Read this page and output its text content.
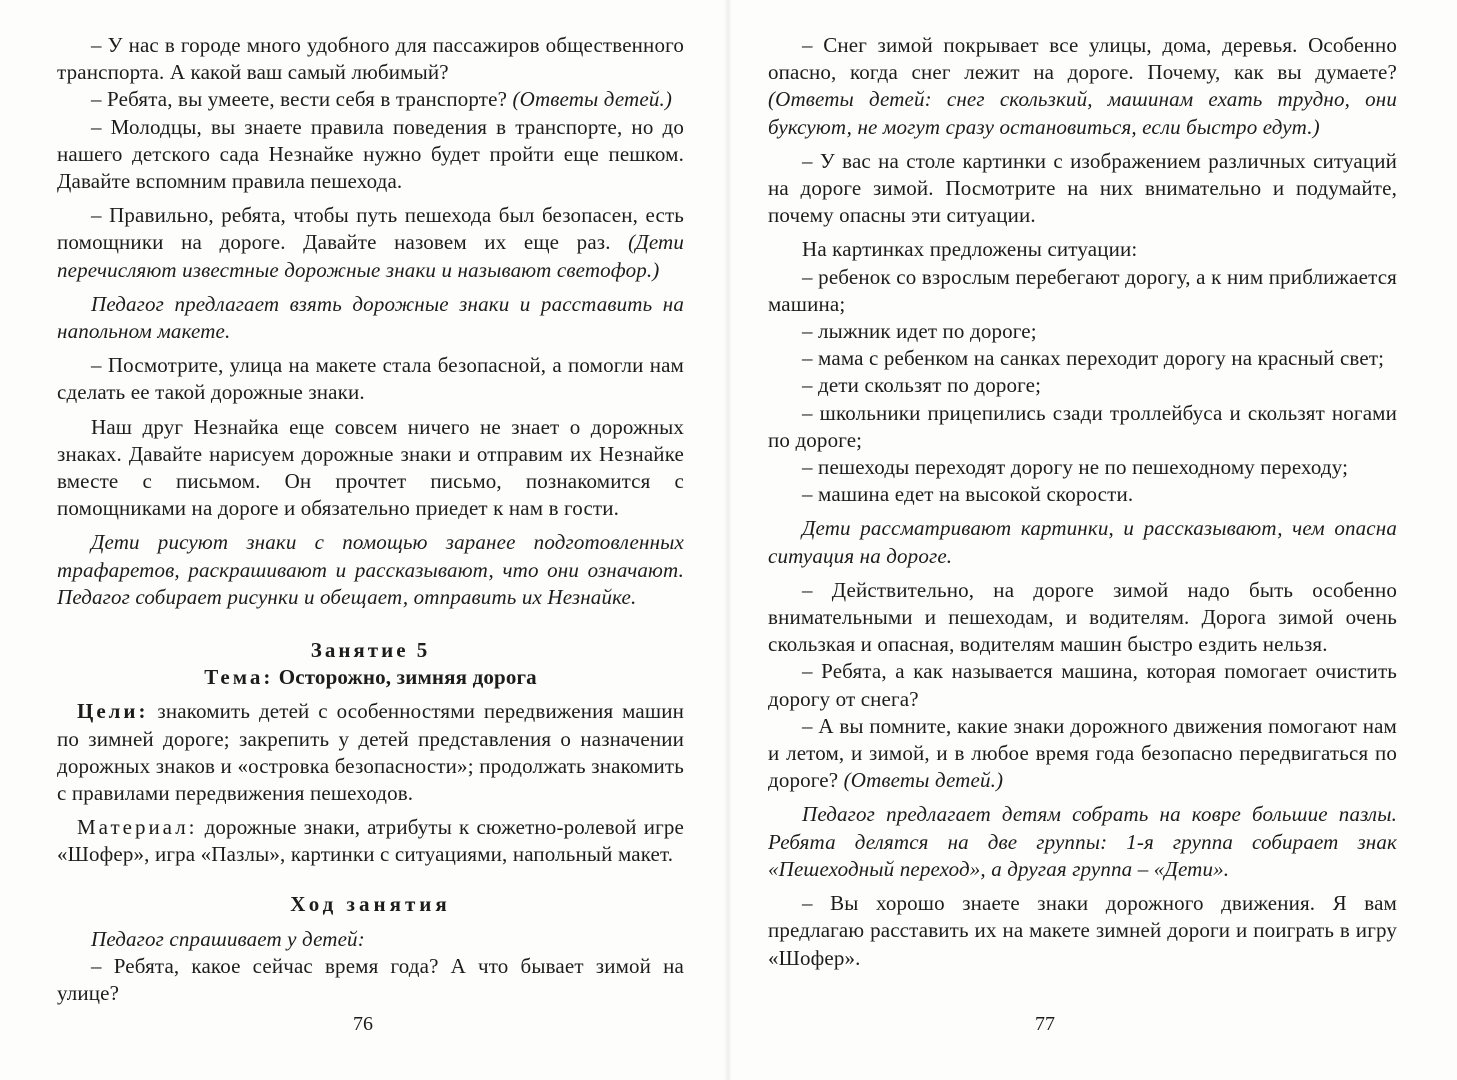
– У нас в городе много удобного для пассажиров общественного транспорта. А какой ваш самый любимый?

– Ребята, вы умеете, вести себя в транспорте? (Ответы детей.)

– Молодцы, вы знаете правила поведения в транспорте, но до нашего детского сада Незнайке нужно будет пройти еще пешком. Давайте вспомним правила пешехода.

– Правильно, ребята, чтобы путь пешехода был безопасен, есть помощники на дороге. Давайте назовем их еще раз. (Дети перечисляют известные дорожные знаки и называют светофор.)

Педагог предлагает взять дорожные знаки и расставить на напольном макете.

– Посмотрите, улица на макете стала безопасной, а помогли нам сделать ее такой дорожные знаки.

Наш друг Незнайка еще совсем ничего не знает о дорожных знаках. Давайте нарисуем дорожные знаки и отправим их Незнайке вместе с письмом. Он прочтет письмо, познакомится с помощниками на дороге и обязательно приедет к нам в гости.

Дети рисуют знаки с помощью заранее подготовленных трафаретов, раскрашивают и рассказывают, что они означают. Педагог собирает рисунки и обещает, отправить их Незнайке.

Занятие 5

Тема: Осторожно, зимняя дорога

Цели: знакомить детей с особенностями передвижения машин по зимней дороге; закрепить у детей представления о назначении дорожных знаков и «островка безопасности»; продолжать знакомить с правилами передвижения пешеходов.

Материал: дорожные знаки, атрибуты к сюжетно-ролевой игре «Шофер», игра «Пазлы», картинки с ситуациями, напольный макет.

Ход занятия

Педагог спрашивает у детей:

– Ребята, какое сейчас время года? А что бывает зимой на улице?

76

– Снег зимой покрывает все улицы, дома, деревья. Особенно опасно, когда снег лежит на дороге. Почему, как вы думаете? (Ответы детей: снег скользкий, машинам ехать трудно, они буксуют, не могут сразу остановиться, если быстро едут.)

– У вас на столе картинки с изображением различных ситуаций на дороге зимой. Посмотрите на них внимательно и подумайте, почему опасны эти ситуации.

На картинках предложены ситуации:

– ребенок со взрослым перебегают дорогу, а к ним приближается машина;

– лыжник идет по дороге;

– мама с ребенком на санках переходит дорогу на красный свет;

– дети скользят по дороге;

– школьники прицепились сзади троллейбуса и скользят ногами по дороге;

– пешеходы переходят дорогу не по пешеходному переходу;

– машина едет на высокой скорости.

Дети рассматривают картинки, и рассказывают, чем опасна ситуация на дороге.

– Действительно, на дороге зимой надо быть особенно внимательными и пешеходам, и водителям. Дорога зимой очень скользкая и опасная, водителям машин быстро ездить нельзя.

– Ребята, а как называется машина, которая помогает очистить дорогу от снега?

– А вы помните, какие знаки дорожного движения помогают нам и летом, и зимой, и в любое время года безопасно передвигаться по дороге? (Ответы детей.)

Педагог предлагает детям собрать на ковре большие пазлы. Ребята делятся на две группы: 1-я группа собирает знак «Пешеходный переход», а другая группа – «Дети».

– Вы хорошо знаете знаки дорожного движения. Я вам предлагаю расставить их на макете зимней дороги и поиграть в игру «Шофер».

77
